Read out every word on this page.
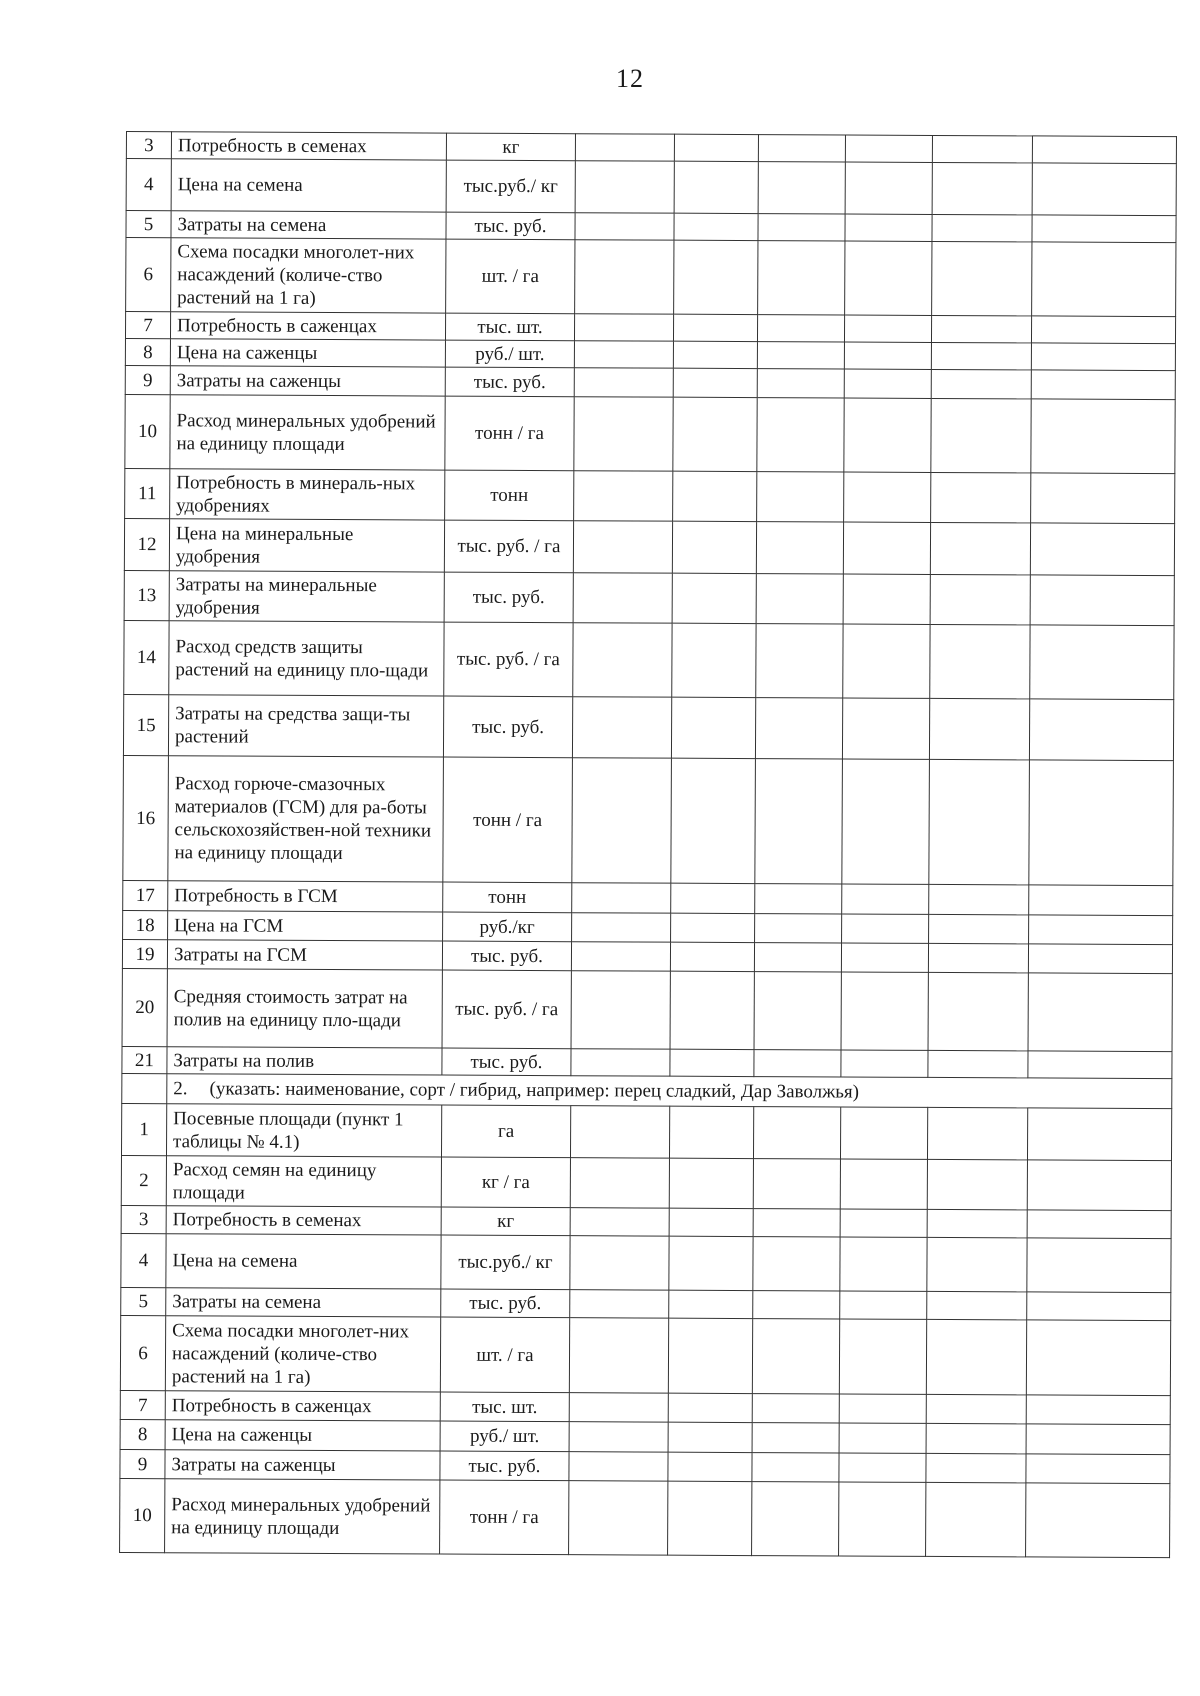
12
3	Потребность в семенах	кг						
4	Цена на семена	тыс.руб./ кг						
5	Затраты на семена	тыс. руб.						
6	Схема посадки многолет-них насаждений (количе-ство растений на 1 га)	шт. / га						
7	Потребность в саженцах	тыс. шт.						
8	Цена на саженцы	руб./ шт.						
9	Затраты на саженцы	тыс. руб.						
10	Расход минеральных удобрений на единицу площади	тонн / га						
11	Потребность в минераль-ных удобрениях	тонн						
12	Цена на минеральные удобрения	тыс. руб. / га						
13	Затраты на минеральные удобрения	тыс. руб.						
14	Расход средств защиты растений на единицу пло-щади	тыс. руб. / га						
15	Затраты на средства защи-ты растений	тыс. руб.						
16	Расход горюче-смазочных материалов (ГСМ) для ра-боты сельскохозяйствен-ной техники на единицу площади	тонн / га						
17	Потребность в ГСМ	тонн						
18	Цена на ГСМ	руб./кг						
19	Затраты на ГСМ	тыс. руб.						
20	Средняя стоимость затрат на полив на единицу пло-щади	тыс. руб. / га						
21	Затраты на полив	тыс. руб.						
	2. (указать: наименование, сорт / гибрид, например: перец сладкий, Дар Заволжья)							
1	Посевные площади (пункт 1 таблицы № 4.1)	га						
2	Расход семян на единицу площади	кг / га						
3	Потребность в семенах	кг						
4	Цена на семена	тыс.руб./ кг						
5	Затраты на семена	тыс. руб.						
6	Схема посадки многолет-них насаждений (количе-ство растений на 1 га)	шт. / га						
7	Потребность в саженцах	тыс. шт.						
8	Цена на саженцы	руб./ шт.						
9	Затраты на саженцы	тыс. руб.						
10	Расход минеральных удобрений на единицу площади	тонн / га						
